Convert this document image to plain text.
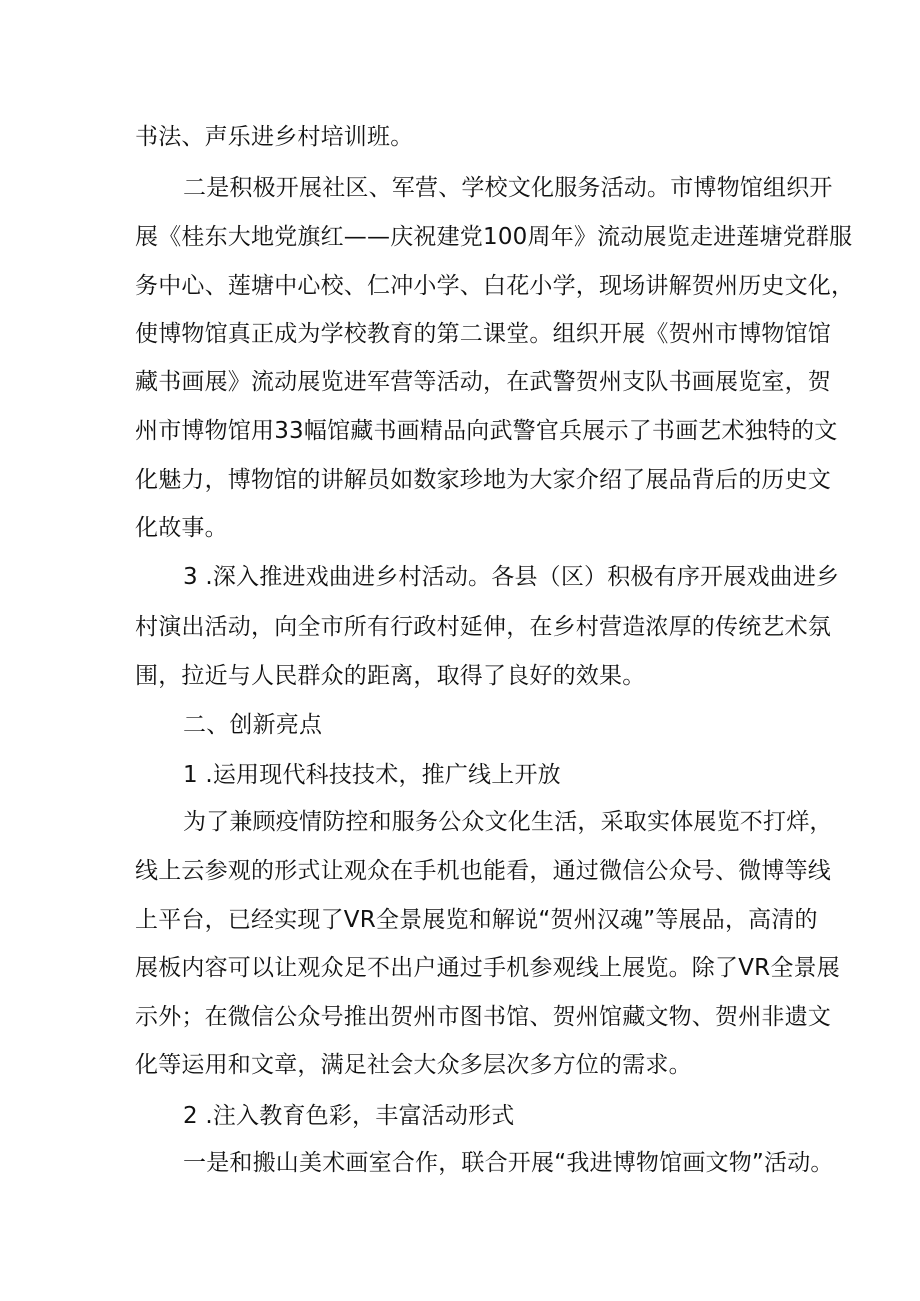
书法、声乐进乡村培训班。
二是积极开展社区、军营、学校文化服务活动。市博物馆组织开
展《桂东大地党旗红——庆祝建党100周年》流动展览走进莲塘党群服
务中心、莲塘中心校、仁冲小学、白花小学，现场讲解贺州历史文化，
使博物馆真正成为学校教育的第二课堂。组织开展《贺州市博物馆馆
藏书画展》流动展览进军营等活动，在武警贺州支队书画展览室，贺
州市博物馆用33幅馆藏书画精品向武警官兵展示了书画艺术独特的文
化魅力，博物馆的讲解员如数家珍地为大家介绍了展品背后的历史文
化故事。
3 .深入推进戏曲进乡村活动。各县（区）积极有序开展戏曲进乡
村演出活动，向全市所有行政村延伸，在乡村营造浓厚的传统艺术氛
围，拉近与人民群众的距离，取得了良好的效果。
二、创新亮点
1 .运用现代科技技术，推广线上开放
为了兼顾疫情防控和服务公众文化生活，采取实体展览不打烊，
线上云参观的形式让观众在手机也能看，通过微信公众号、微博等线
上平台，已经实现了VR全景展览和解说“贺州汉魂”等展品，高清的
展板内容可以让观众足不出户通过手机参观线上展览。除了VR全景展
示外；在微信公众号推出贺州市图书馆、贺州馆藏文物、贺州非遗文
化等运用和文章，满足社会大众多层次多方位的需求。
2 .注入教育色彩，丰富活动形式
一是和搬山美术画室合作，联合开展“我进博物馆画文物”活动。
